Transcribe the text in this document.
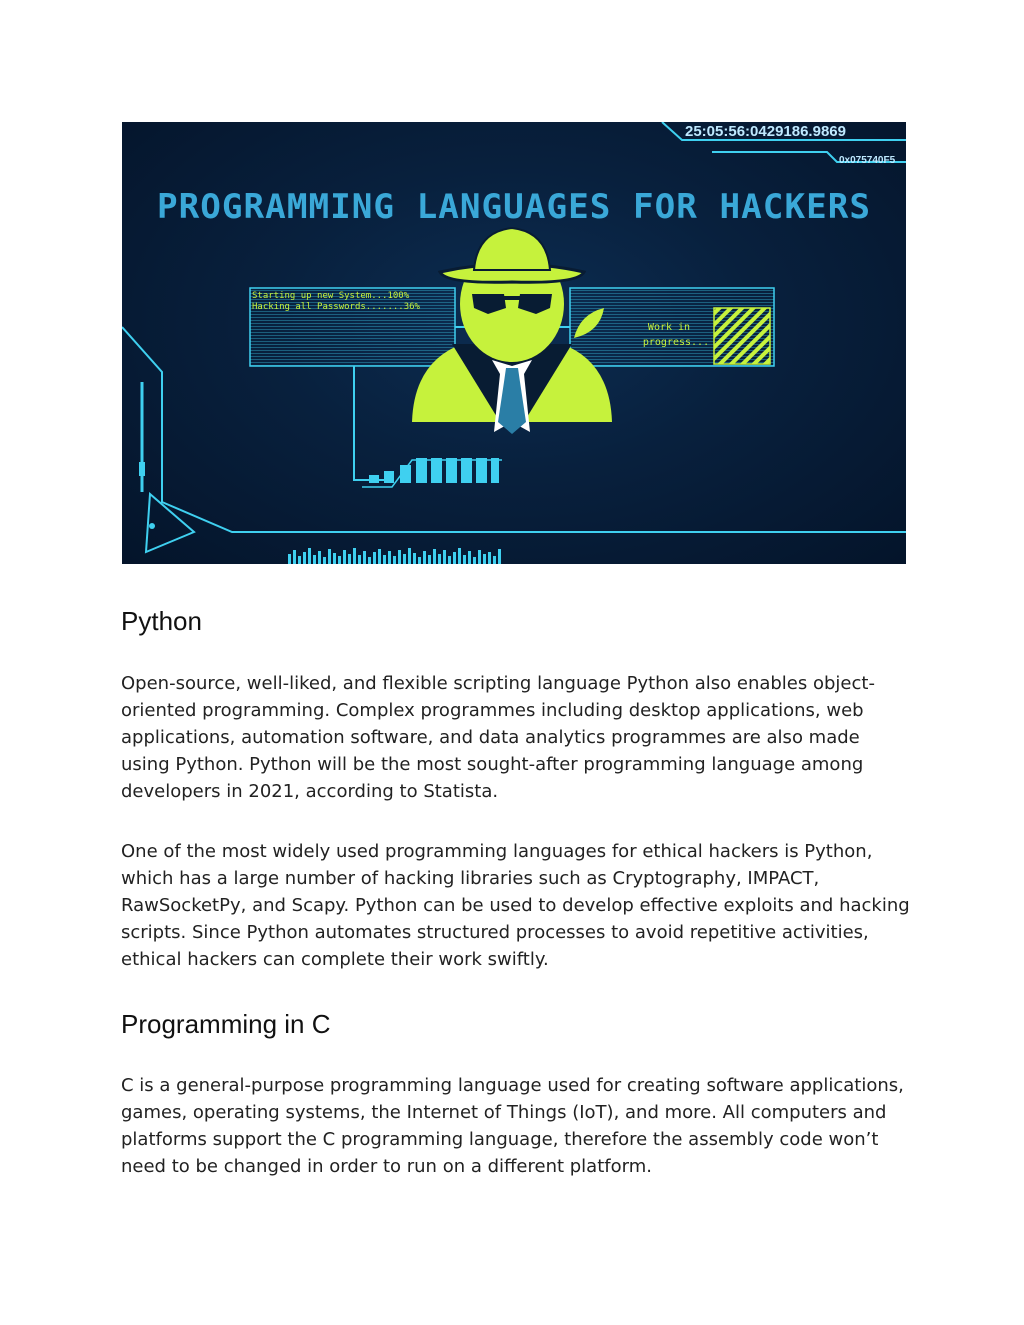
25:05:56:0429186.9869
0x075740F5
PROGRAMMING LANGUAGES FOR HACKERS
Starting up new System...100%
Hacking all Passwords.......36%
Work in
progress...
Python

Open-source, well-liked, and flexible scripting language Python also enables object-oriented programming. Complex programmes including desktop applications, web applications, automation software, and data analytics programmes are also made using Python. Python will be the most sought-after programming language among developers in 2021, according to Statista.

One of the most widely used programming languages for ethical hackers is Python, which has a large number of hacking libraries such as Cryptography, IMPACT, RawSocketPy, and Scapy. Python can be used to develop effective exploits and hacking scripts. Since Python automates structured processes to avoid repetitive activities, ethical hackers can complete their work swiftly.

Programming in C

C is a general-purpose programming language used for creating software applications, games, operating systems, the Internet of Things (IoT), and more. All computers and platforms support the C programming language, therefore the assembly code won’t need to be changed in order to run on a different platform.
